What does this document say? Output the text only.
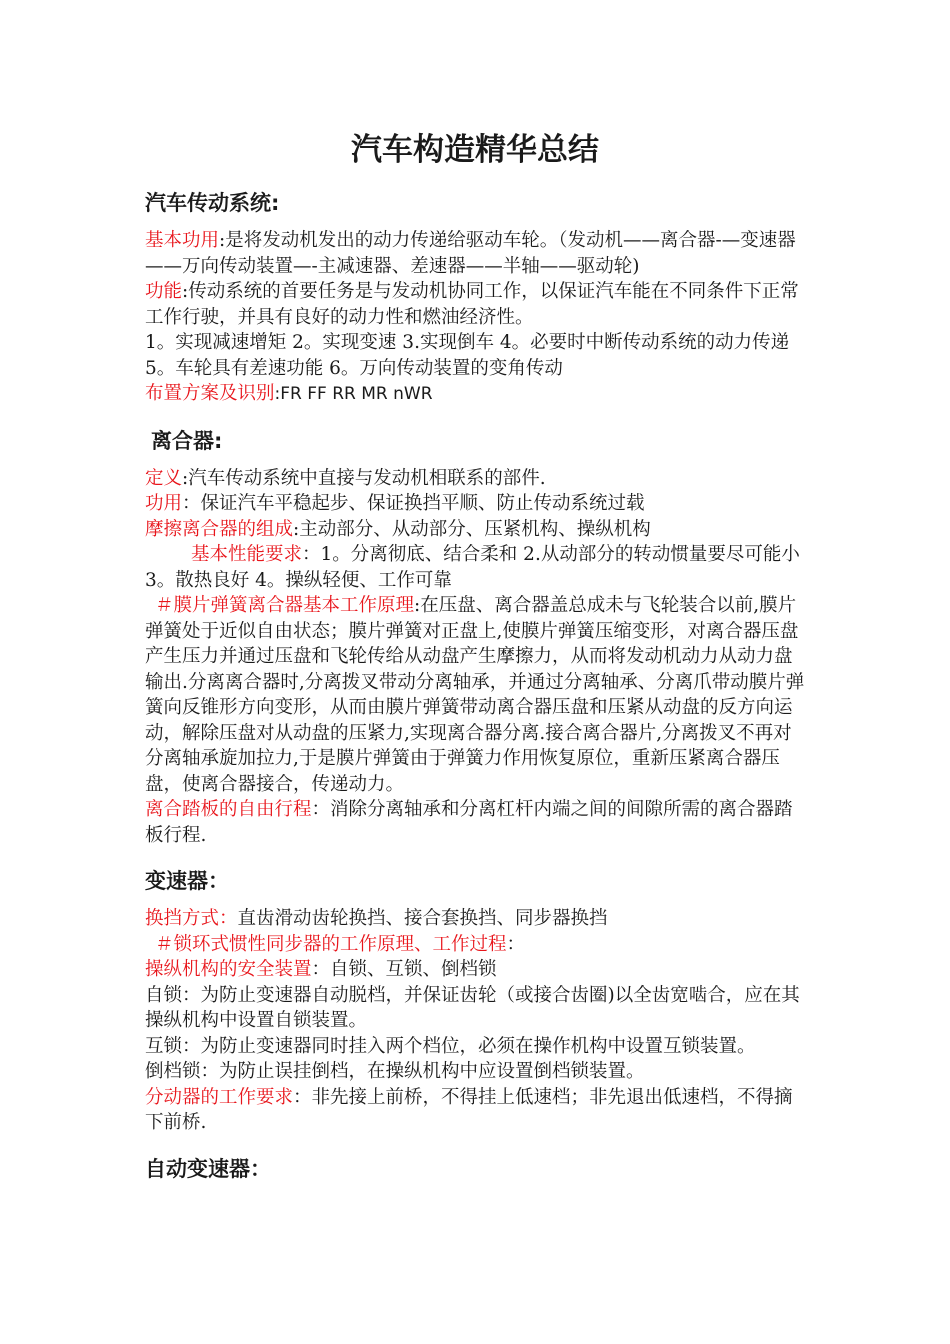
汽车构造精华总结
汽车传动系统:

基本功用:是将发动机发出的动力传递给驱动车轮。（发动机——离合器-—变速器——万向传动装置—-主减速器、差速器——半轴——驱动轮)

功能:传动系统的首要任务是与发动机协同工作，以保证汽车能在不同条件下正常工作行驶，并具有良好的动力性和燃油经济性。

1。实现减速增矩 2。实现变速 3.实现倒车 4。必要时中断传动系统的动力传递 5。车轮具有差速功能 6。万向传动装置的变角传动

布置方案及识别:FR FF RR MR nWR

离合器:

定义:汽车传动系统中直接与发动机相联系的部件.

功用：保证汽车平稳起步、保证换挡平顺、防止传动系统过载

摩擦离合器的组成:主动部分、从动部分、压紧机构、操纵机构

基本性能要求：1。分离彻底、结合柔和 2.从动部分的转动惯量要尽可能小 3。散热良好 4。操纵轻便、工作可靠

＃膜片弹簧离合器基本工作原理:在压盘、离合器盖总成未与飞轮装合以前,膜片弹簧处于近似自由状态；膜片弹簧对正盘上,使膜片弹簧压缩变形，对离合器压盘产生压力并通过压盘和飞轮传给从动盘产生摩擦力，从而将发动机动力从动力盘输出.分离离合器时,分离拨叉带动分离轴承，并通过分离轴承、分离爪带动膜片弹簧向反锥形方向变形，从而由膜片弹簧带动离合器压盘和压紧从动盘的反方向运动，解除压盘对从动盘的压紧力,实现离合器分离.接合离合器片,分离拨叉不再对分离轴承旋加拉力,于是膜片弹簧由于弹簧力作用恢复原位，重新压紧离合器压盘，使离合器接合，传递动力。

离合踏板的自由行程：消除分离轴承和分离杠杆内端之间的间隙所需的离合器踏板行程.

变速器：

换挡方式：直齿滑动齿轮换挡、接合套换挡、同步器换挡

＃锁环式惯性同步器的工作原理、工作过程：

操纵机构的安全装置：自锁、互锁、倒档锁

自锁：为防止变速器自动脱档，并保证齿轮（或接合齿圈)以全齿宽啮合，应在其操纵机构中设置自锁装置。

互锁：为防止变速器同时挂入两个档位，必须在操作机构中设置互锁装置。

倒档锁：为防止误挂倒档，在操纵机构中应设置倒档锁装置。

分动器的工作要求：非先接上前桥，不得挂上低速档；非先退出低速档，不得摘下前桥.

自动变速器：
